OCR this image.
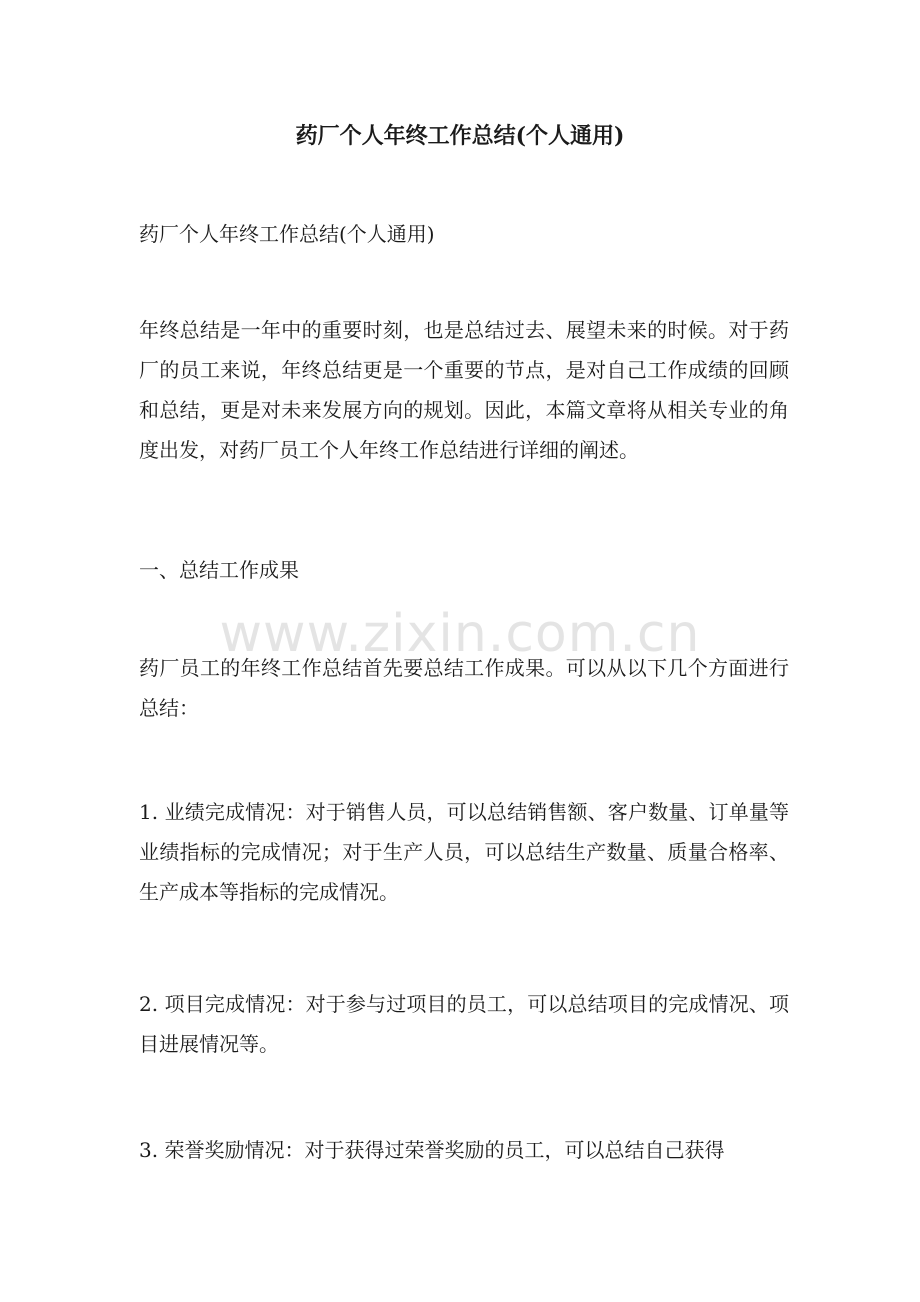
药厂个人年终工作总结(个人通用)

药厂个人年终工作总结(个人通用)

年终总结是一年中的重要时刻，也是总结过去、展望未来的时候。对于药厂的员工来说，年终总结更是一个重要的节点，是对自己工作成绩的回顾和总结，更是对未来发展方向的规划。因此，本篇文章将从相关专业的角度出发，对药厂员工个人年终工作总结进行详细的阐述。

一、总结工作成果

药厂员工的年终工作总结首先要总结工作成果。可以从以下几个方面进行总结：

1. 业绩完成情况：对于销售人员，可以总结销售额、客户数量、订单量等业绩指标的完成情况；对于生产人员，可以总结生产数量、质量合格率、生产成本等指标的完成情况。

2. 项目完成情况：对于参与过项目的员工，可以总结项目的完成情况、项目进展情况等。

3. 荣誉奖励情况：对于获得过荣誉奖励的员工，可以总结自己获得

www.zixin.com.cn
